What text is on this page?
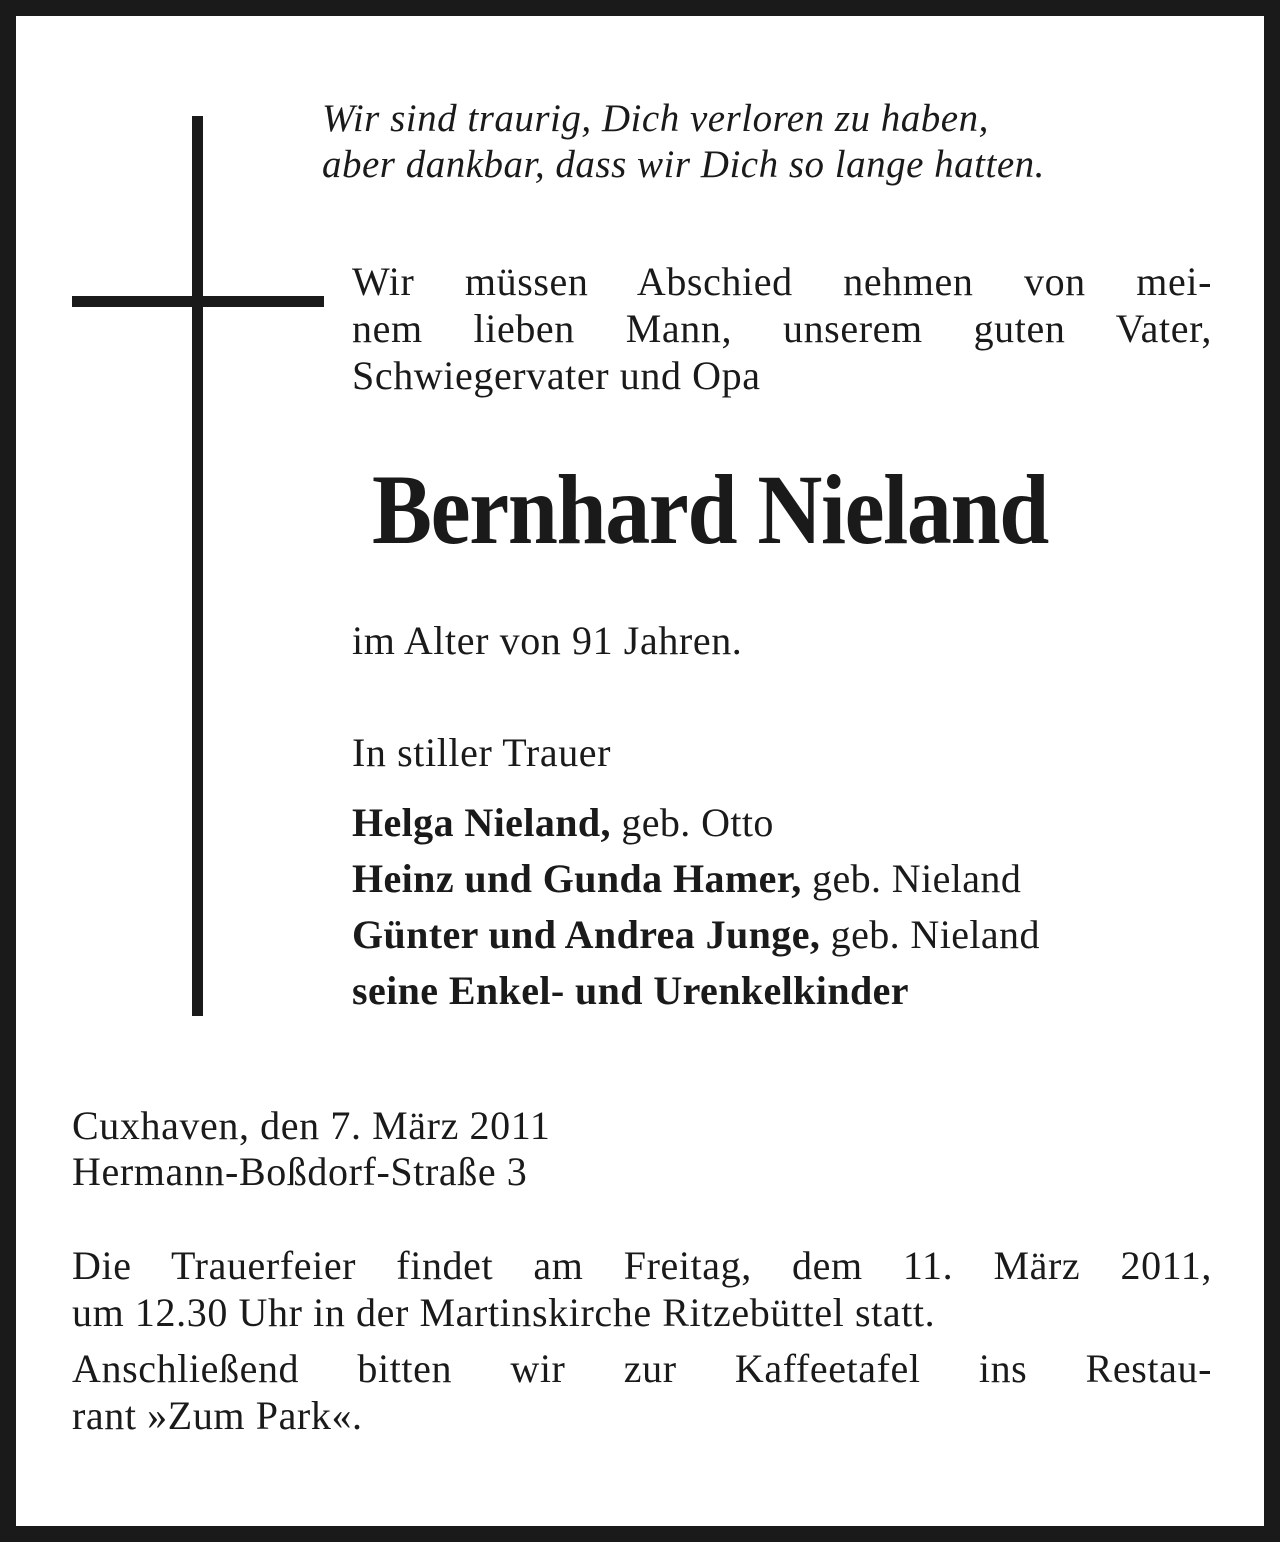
Wir sind traurig, Dich verloren zu haben,
aber dankbar, dass wir Dich so lange hatten.
Wir müssen Abschied nehmen von mei-
nem lieben Mann, unserem guten Vater,
Schwiegervater und Opa
Bernhard Nieland
im Alter von 91 Jahren.
In stiller Trauer
Helga Nieland, geb. Otto
Heinz und Gunda Hamer, geb. Nieland
Günter und Andrea Junge, geb. Nieland
seine Enkel- und Urenkelkinder
Cuxhaven, den 7. März 2011
Hermann-Boßdorf-Straße 3
Die Trauerfeier findet am Freitag, dem 11. März 2011,
um 12.30 Uhr in der Martinskirche Ritzebüttel statt.
Anschließend bitten wir zur Kaffeetafel ins Restau-
rant »Zum Park«.
